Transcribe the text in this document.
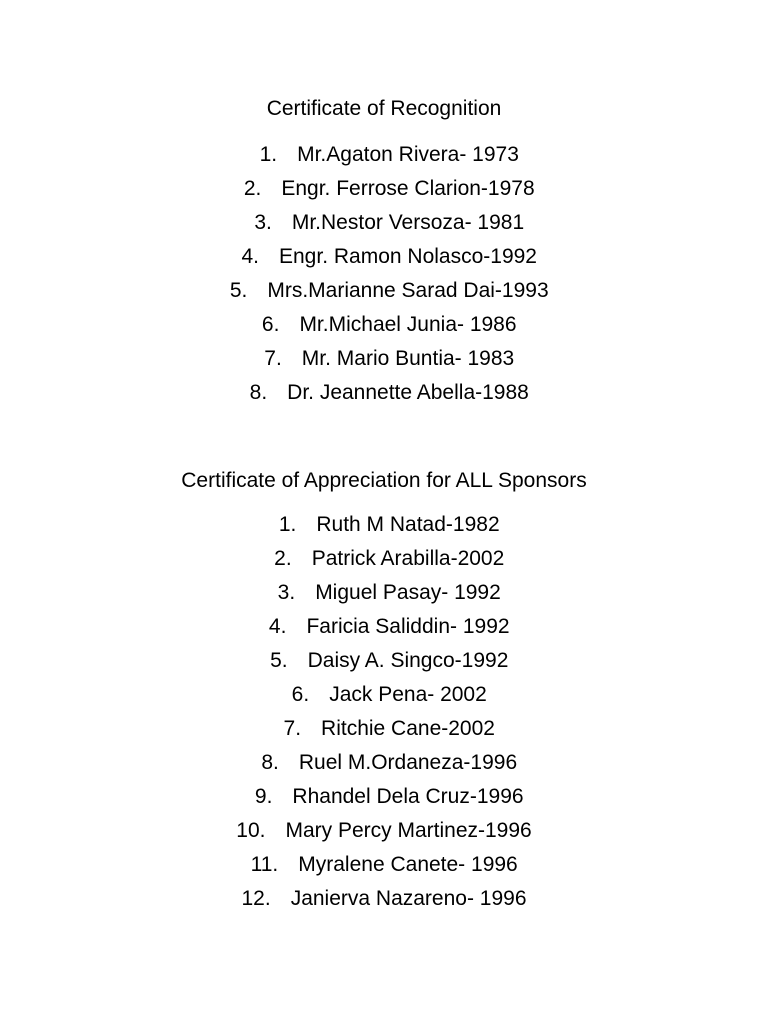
Certificate of Recognition
1. Mr.Agaton Rivera- 1973
2. Engr. Ferrose Clarion-1978
3. Mr.Nestor Versoza- 1981
4. Engr. Ramon Nolasco-1992
5. Mrs.Marianne Sarad Dai-1993
6. Mr.Michael Junia- 1986
7. Mr. Mario Buntia- 1983
8. Dr. Jeannette Abella-1988
Certificate of Appreciation for ALL Sponsors
1. Ruth M Natad-1982
2. Patrick Arabilla-2002
3. Miguel Pasay- 1992
4. Faricia Saliddin- 1992
5. Daisy A. Singco-1992
6. Jack Pena- 2002
7. Ritchie Cane-2002
8. Ruel M.Ordaneza-1996
9. Rhandel Dela Cruz-1996
10. Mary Percy Martinez-1996
11. Myralene Canete- 1996
12. Janierva Nazareno- 1996
